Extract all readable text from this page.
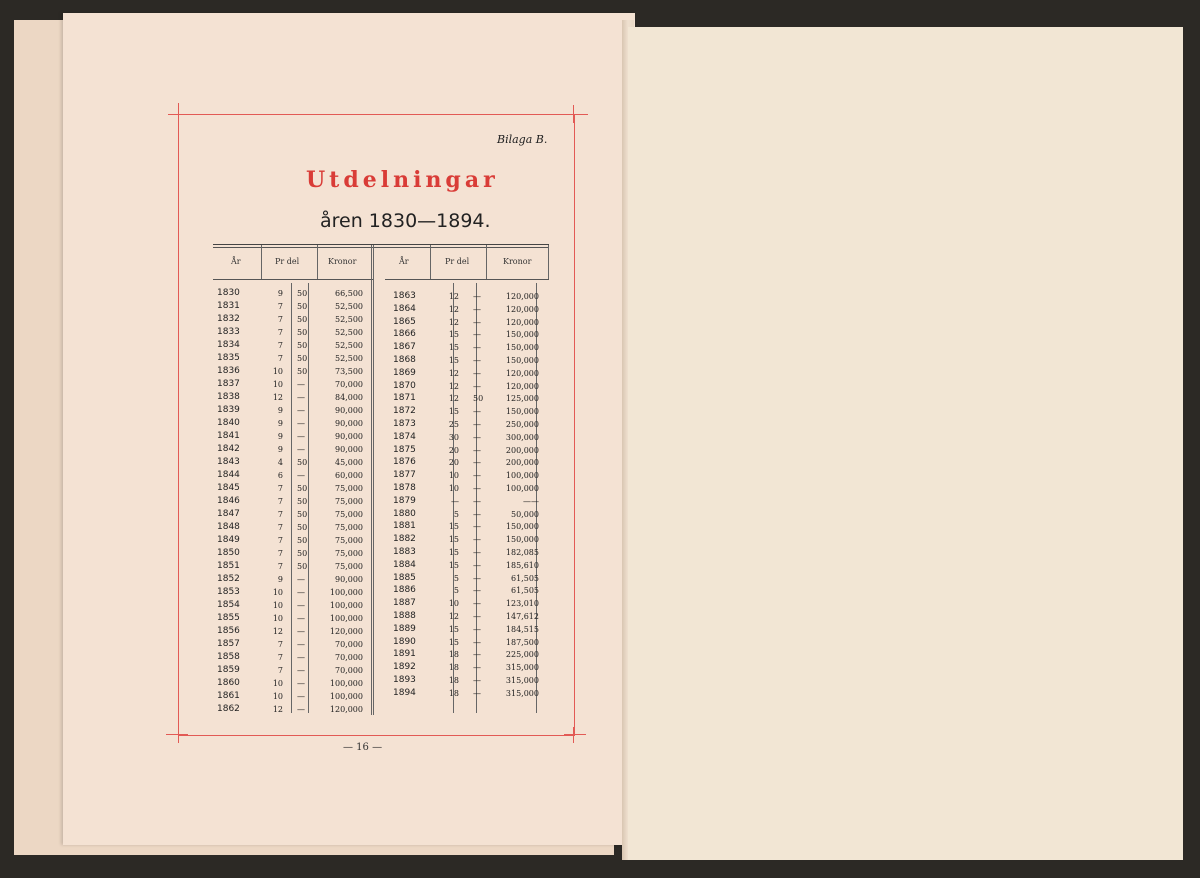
Bilaga B.
Utdelningar
åren 1830—1894.
År	Pr del	Kronor	År	Pr del	Kronor
1830	9 50	66,500
1831	7 50	52,500
1832	7 50	52,500
1833	7 50	52,500
1834	7 50	52,500
1835	7 50	52,500
1836	10 50	73,500
1837	10 —	70,000
1838	12 —	84,000
1839	9 —	90,000
1840	9 —	90,000
1841	9 —	90,000
1842	9 —	90,000
1843	4 50	45,000
1844	6 —	60,000
1845	7 50	75,000
1846	7 50	75,000
1847	7 50	75,000
1848	7 50	75,000
1849	7 50	75,000
1850	7 50	75,000
1851	7 50	75,000
1852	9 —	90,000
1853	10 —	100,000
1854	10 —	100,000
1855	10 —	100,000
1856	12 —	120,000
1857	7 —	70,000
1858	7 —	70,000
1859	7 —	70,000
1860	10 —	100,000
1861	10 —	100,000
1862	12 —	120,000
1863	12 —	120,000
1864	12 —	120,000
1865	12 —	120,000
1866	15 —	150,000
1867	15 —	150,000
1868	15 —	150,000
1869	12 —	120,000
1870	12 —	120,000
1871	12 50	125,000
1872	15 —	150,000
1873	25 —	250,000
1874	30 —	300,000
1875	20 —	200,000
1876	20 —	200,000
1877	10 —	100,000
1878	10 —	100,000
1879	— —	——
1880	5 —	50,000
1881	15 —	150,000
1882	15 —	150,000
1883	15 —	182,085
1884	15 —	185,610
1885	5 —	61,505
1886	5 —	61,505
1887	10 —	123,010
1888	12 —	147,612
1889	15 —	184,515
1890	15 —	187,500
1891	18 —	225,000
1892	18 —	315,000
1893	18 —	315,000
1894	18 —	315,000
— 16 —
